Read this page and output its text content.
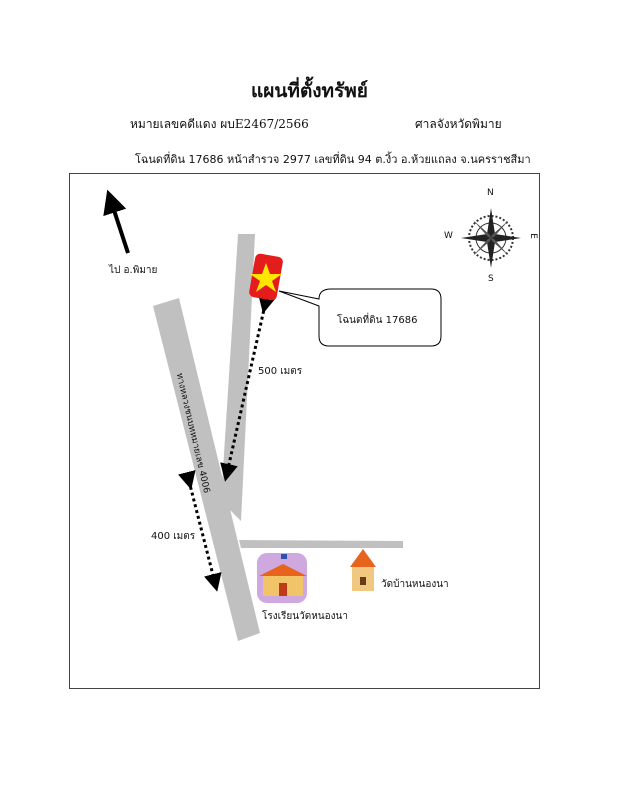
แผนที่ตั้งทรัพย์
หมายเลขคดีแดง ผบE2467/2566	ศาลจังหวัดพิมาย
โฉนดที่ดิน 17686 หน้าสำรวจ 2977 เลขที่ดิน 94 ต.งิ้ว อ.ห้วยแถลง จ.นครราชสีมา
ไป อ.พิมาย
โฉนดที่ดิน 17686
500 เมตร
400 เมตร
ทางหลวงชนบทหมายเลข 4006
โรงเรียนวัดหนองนา
วัดบ้านหนองนา
N
S
E
W
